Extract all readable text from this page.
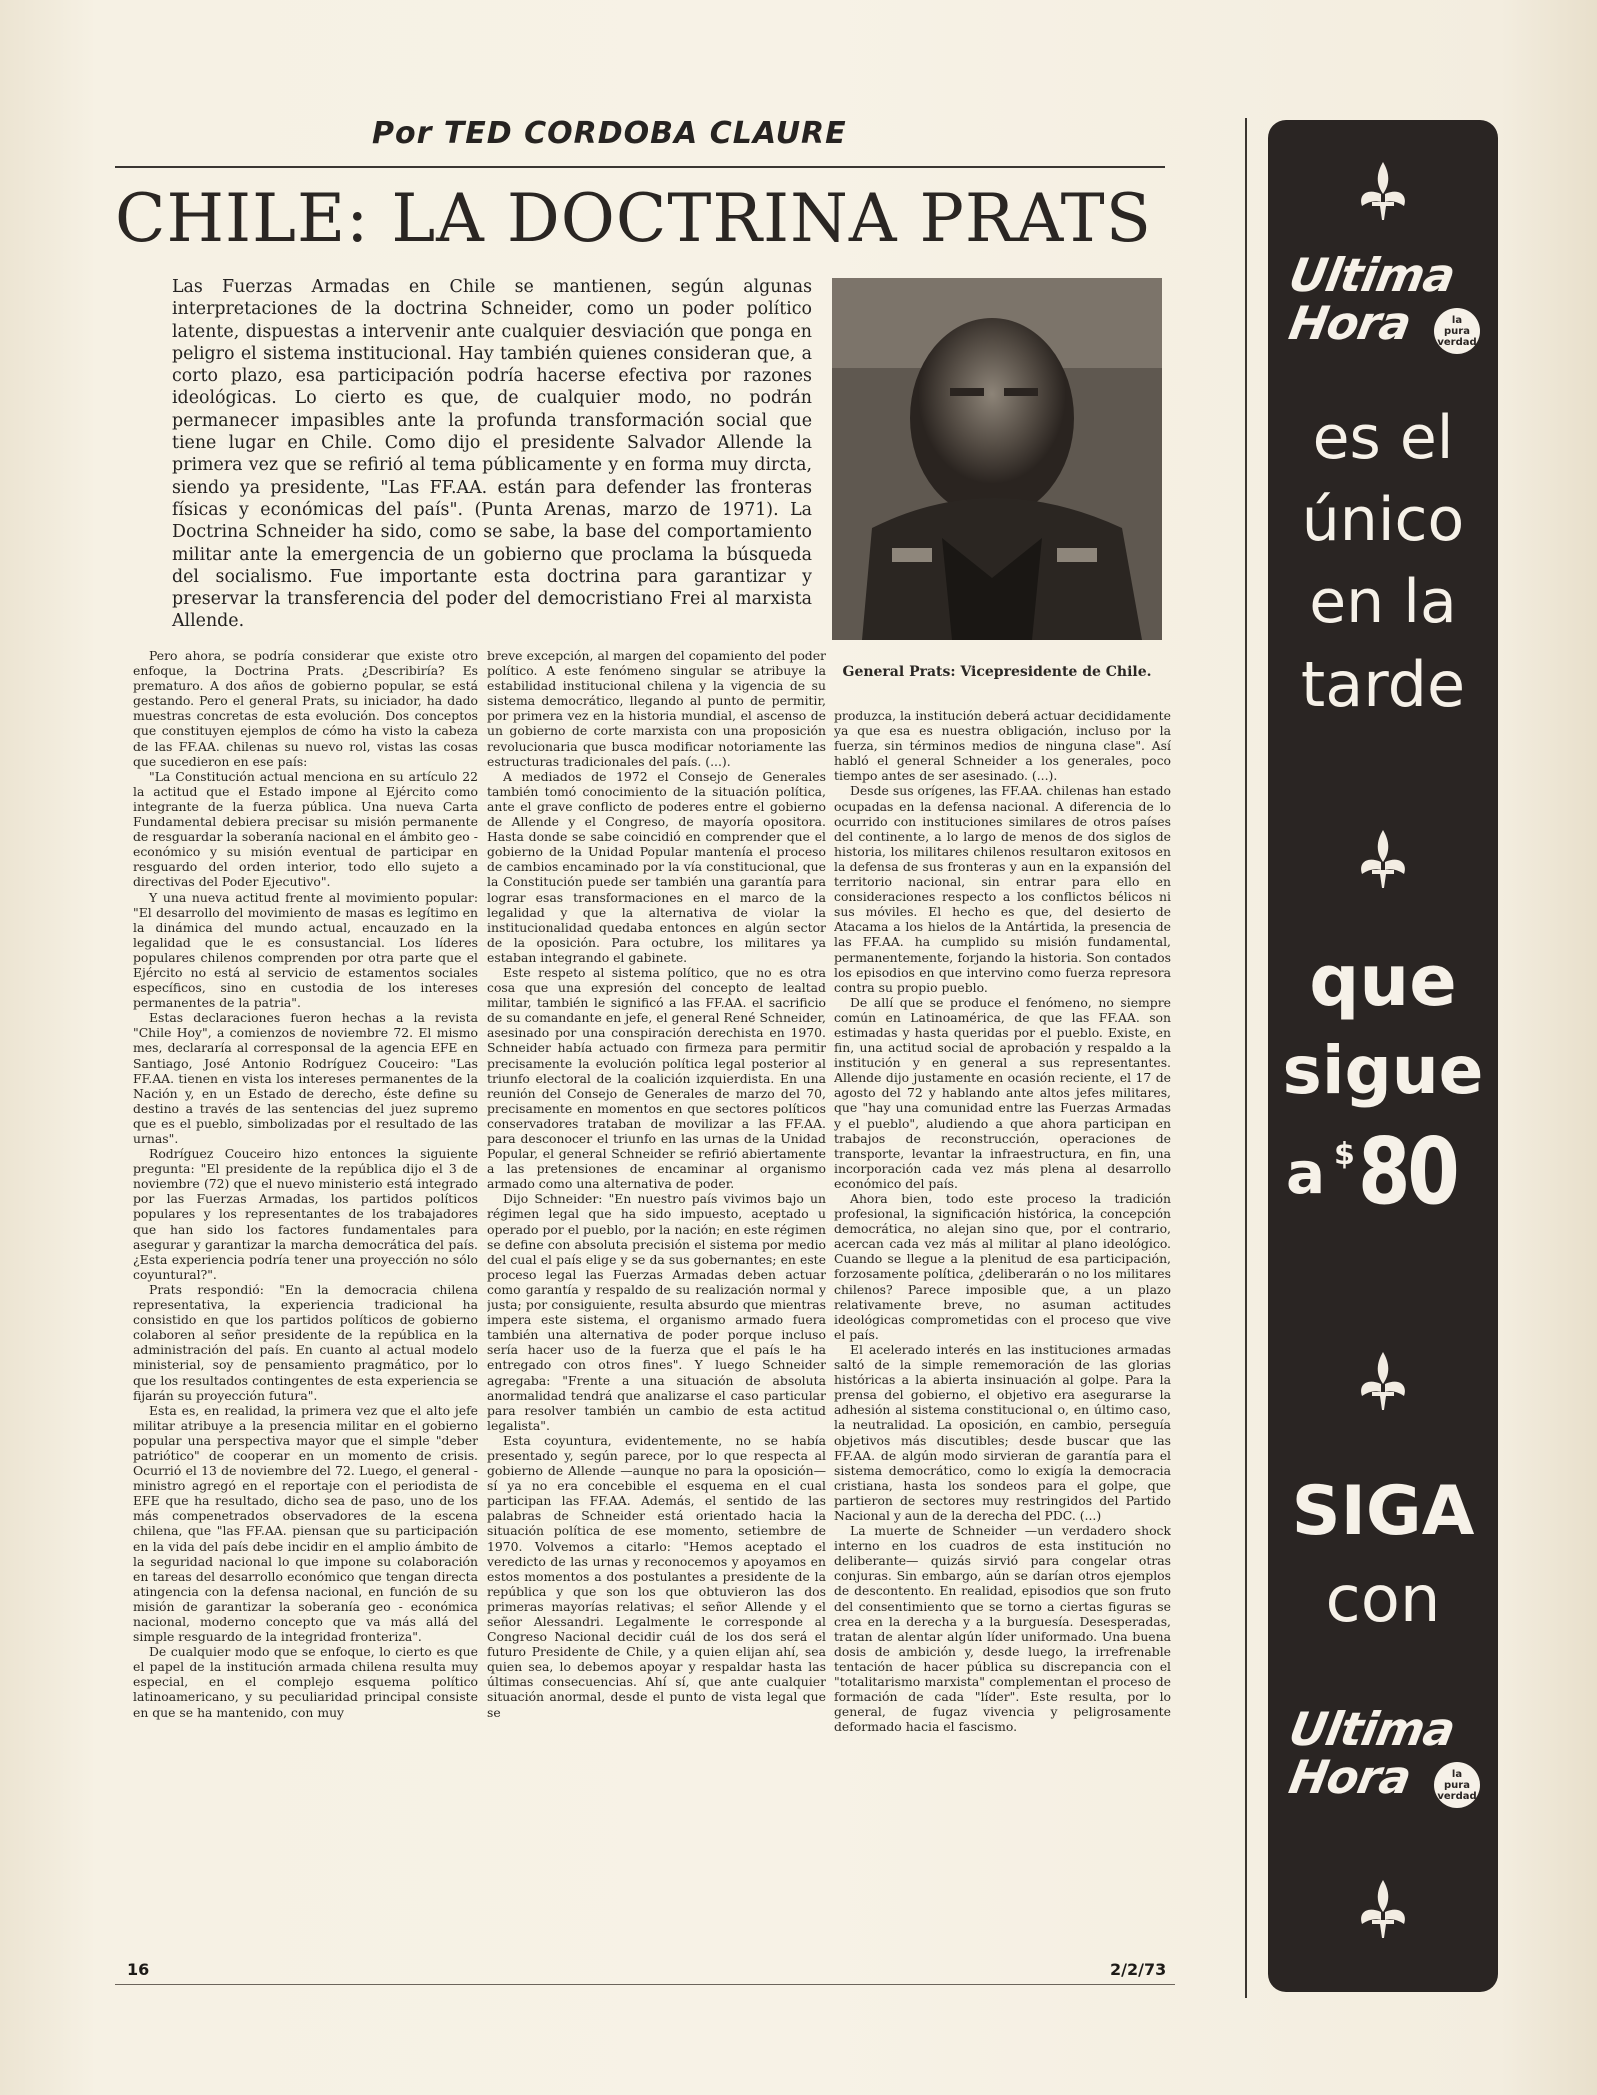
Por TED CORDOBA CLAURE
CHILE: LA DOCTRINA PRATS

Las Fuerzas Armadas en Chile se mantienen, según algunas interpretaciones de la doctrina Schneider, como un poder político latente, dispuestas a intervenir ante cualquier desviación que ponga en peligro el sistema institucional. Hay también quienes consideran que, a corto plazo, esa participación podría hacerse efectiva por razones ideológicas. Lo cierto es que, de cualquier modo, no podrán permanecer impasibles ante la profunda transformación social que tiene lugar en Chile. Como dijo el presidente Salvador Allende la primera vez que se refirió al tema públicamente y en forma muy dircta, siendo ya presidente, "Las FF.AA. están para defender las fronteras físicas y económicas del país". (Punta Arenas, marzo de 1971). La Doctrina Schneider ha sido, como se sabe, la base del comportamiento militar ante la emergencia de un gobierno que proclama la búsqueda del socialismo. Fue importante esta doctrina para garantizar y preservar la transferencia del poder del democristiano Frei al marxista Allende.

General Prats: Vicepresidente de Chile.

Pero ahora, se podría considerar que existe otro enfoque, la Doctrina Prats. ¿Describiría? Es prematuro. A dos años de gobierno popular, se está gestando. Pero el general Prats, su iniciador, ha dado muestras concretas de esta evolución. Dos conceptos que constituyen ejemplos de cómo ha visto la cabeza de las FF.AA. chilenas su nuevo rol, vistas las cosas que sucedieron en ese país:

"La Constitución actual menciona en su artículo 22 la actitud que el Estado impone al Ejército como integrante de la fuerza pública. Una nueva Carta Fundamental debiera precisar su misión permanente de resguardar la soberanía nacional en el ámbito geo - económico y su misión eventual de participar en resguardo del orden interior, todo ello sujeto a directivas del Poder Ejecutivo".

Y una nueva actitud frente al movimiento popular: "El desarrollo del movimiento de masas es legítimo en la dinámica del mundo actual, encauzado en la legalidad que le es consustancial. Los líderes populares chilenos comprenden por otra parte que el Ejército no está al servicio de estamentos sociales específicos, sino en custodia de los intereses permanentes de la patria".

Estas declaraciones fueron hechas a la revista "Chile Hoy", a comienzos de noviembre 72. El mismo mes, declararía al corresponsal de la agencia EFE en Santiago, José Antonio Rodríguez Couceiro: "Las FF.AA. tienen en vista los intereses permanentes de la Nación y, en un Estado de derecho, éste define su destino a través de las sentencias del juez supremo que es el pueblo, simbolizadas por el resultado de las urnas".

Rodríguez Couceiro hizo entonces la siguiente pregunta: "El presidente de la república dijo el 3 de noviembre (72) que el nuevo ministerio está integrado por las Fuerzas Armadas, los partidos políticos populares y los representantes de los trabajadores que han sido los factores fundamentales para asegurar y garantizar la marcha democrática del país. ¿Esta experiencia podría tener una proyección no sólo coyuntural?".

Prats respondió: "En la democracia chilena representativa, la experiencia tradicional ha consistido en que los partidos políticos de gobierno colaboren al señor presidente de la república en la administración del país. En cuanto al actual modelo ministerial, soy de pensamiento pragmático, por lo que los resultados contingentes de esta experiencia se fijarán su proyección futura".

Esta es, en realidad, la primera vez que el alto jefe militar atribuye a la presencia militar en el gobierno popular una perspectiva mayor que el simple "deber patriótico" de cooperar en un momento de crisis. Ocurrió el 13 de noviembre del 72. Luego, el general - ministro agregó en el reportaje con el periodista de EFE que ha resultado, dicho sea de paso, uno de los más compenetrados observadores de la escena chilena, que "las FF.AA. piensan que su participación en la vida del país debe incidir en el amplio ámbito de la seguridad nacional lo que impone su colaboración en tareas del desarrollo económico que tengan directa atingencia con la defensa nacional, en función de su misión de garantizar la soberanía geo - económica nacional, moderno concepto que va más allá del simple resguardo de la integridad fronteriza".

De cualquier modo que se enfoque, lo cierto es que el papel de la institución armada chilena resulta muy especial, en el complejo esquema político latinoamericano, y su peculiaridad principal consiste en que se ha mantenido, con muy

breve excepción, al margen del copamiento del poder político. A este fenómeno singular se atribuye la estabilidad institucional chilena y la vigencia de su sistema democrático, llegando al punto de permitir, por primera vez en la historia mundial, el ascenso de un gobierno de corte marxista con una proposición revolucionaria que busca modificar notoriamente las estructuras tradicionales del país. (...).

A mediados de 1972 el Consejo de Generales también tomó conocimiento de la situación política, ante el grave conflicto de poderes entre el gobierno de Allende y el Congreso, de mayoría opositora. Hasta donde se sabe coincidió en comprender que el gobierno de la Unidad Popular mantenía el proceso de cambios encaminado por la vía constitucional, que la Constitución puede ser también una garantía para lograr esas transformaciones en el marco de la legalidad y que la alternativa de violar la institucionalidad quedaba entonces en algún sector de la oposición. Para octubre, los militares ya estaban integrando el gabinete.

Este respeto al sistema político, que no es otra cosa que una expresión del concepto de lealtad militar, también le significó a las FF.AA. el sacrificio de su comandante en jefe, el general René Schneider, asesinado por una conspiración derechista en 1970. Schneider había actuado con firmeza para permitir precisamente la evolución política legal posterior al triunfo electoral de la coalición izquierdista. En una reunión del Consejo de Generales de marzo del 70, precisamente en momentos en que sectores políticos conservadores trataban de movilizar a las FF.AA. para desconocer el triunfo en las urnas de la Unidad Popular, el general Schneider se refirió abiertamente a las pretensiones de encaminar al organismo armado como una alternativa de poder.

Dijo Schneider: "En nuestro país vivimos bajo un régimen legal que ha sido impuesto, aceptado u operado por el pueblo, por la nación; en este régimen se define con absoluta precisión el sistema por medio del cual el país elige y se da sus gobernantes; en este proceso legal las Fuerzas Armadas deben actuar como garantía y respaldo de su realización normal y justa; por consiguiente, resulta absurdo que mientras impera este sistema, el organismo armado fuera también una alternativa de poder porque incluso sería hacer uso de la fuerza que el país le ha entregado con otros fines". Y luego Schneider agregaba: "Frente a una situación de absoluta anormalidad tendrá que analizarse el caso particular para resolver también un cambio de esta actitud legalista".

Esta coyuntura, evidentemente, no se había presentado y, según parece, por lo que respecta al gobierno de Allende —aunque no para la oposición— sí ya no era concebible el esquema en el cual participan las FF.AA. Además, el sentido de las palabras de Schneider está orientado hacia la situación política de ese momento, setiembre de 1970. Volvemos a citarlo: "Hemos aceptado el veredicto de las urnas y reconocemos y apoyamos en estos momentos a dos postulantes a presidente de la república y que son los que obtuvieron las dos primeras mayorías relativas; el señor Allende y el señor Alessandri. Legalmente le corresponde al Congreso Nacional decidir cuál de los dos será el futuro Presidente de Chile, y a quien elijan ahí, sea quien sea, lo debemos apoyar y respaldar hasta las últimas consecuencias. Ahí sí, que ante cualquier situación anormal, desde el punto de vista legal que se

produzca, la institución deberá actuar decididamente ya que esa es nuestra obligación, incluso por la fuerza, sin términos medios de ninguna clase". Así habló el general Schneider a los generales, poco tiempo antes de ser asesinado. (...).

Desde sus orígenes, las FF.AA. chilenas han estado ocupadas en la defensa nacional. A diferencia de lo ocurrido con instituciones similares de otros países del continente, a lo largo de menos de dos siglos de historia, los militares chilenos resultaron exitosos en la defensa de sus fronteras y aun en la expansión del territorio nacional, sin entrar para ello en consideraciones respecto a los conflictos bélicos ni sus móviles. El hecho es que, del desierto de Atacama a los hielos de la Antártida, la presencia de las FF.AA. ha cumplido su misión fundamental, permanentemente, forjando la historia. Son contados los episodios en que intervino como fuerza represora contra su propio pueblo.

De allí que se produce el fenómeno, no siempre común en Latinoamérica, de que las FF.AA. son estimadas y hasta queridas por el pueblo. Existe, en fin, una actitud social de aprobación y respaldo a la institución y en general a sus representantes. Allende dijo justamente en ocasión reciente, el 17 de agosto del 72 y hablando ante altos jefes militares, que "hay una comunidad entre las Fuerzas Armadas y el pueblo", aludiendo a que ahora participan en trabajos de reconstrucción, operaciones de transporte, levantar la infraestructura, en fin, una incorporación cada vez más plena al desarrollo económico del país.

Ahora bien, todo este proceso la tradición profesional, la significación histórica, la concepción democrática, no alejan sino que, por el contrario, acercan cada vez más al militar al plano ideológico. Cuando se llegue a la plenitud de esa participación, forzosamente política, ¿deliberarán o no los militares chilenos? Parece imposible que, a un plazo relativamente breve, no asuman actitudes ideológicas comprometidas con el proceso que vive el país.

El acelerado interés en las instituciones armadas saltó de la simple rememoración de las glorias históricas a la abierta insinuación al golpe. Para la prensa del gobierno, el objetivo era asegurarse la adhesión al sistema constitucional o, en último caso, la neutralidad. La oposición, en cambio, perseguía objetivos más discutibles; desde buscar que las FF.AA. de algún modo sirvieran de garantía para el sistema democrático, como lo exigía la democracia cristiana, hasta los sondeos para el golpe, que partieron de sectores muy restringidos del Partido Nacional y aun de la derecha del PDC. (...)

La muerte de Schneider —un verdadero shock interno en los cuadros de esta institución no deliberante— quizás sirvió para congelar otras conjuras. Sin embargo, aún se darían otros ejemplos de descontento. En realidad, episodios que son fruto del consentimiento que se torno a ciertas figuras se crea en la derecha y a la burguesía. Desesperadas, tratan de alentar algún líder uniformado. Una buena dosis de ambición y, desde luego, la irrefrenable tentación de hacer pública su discrepancia con el "totalitarismo marxista" complementan el proceso de formación de cada "líder". Este resulta, por lo general, de fugaz vivencia y peligrosamente deformado hacia el fascismo.

16	2/2/73
Ultima
Hora	la
pura
verdad
es el
único
en la
tarde
que
sigue
a $ 80
SIGA
con
Ultima
Hora	la
pura
verdad
